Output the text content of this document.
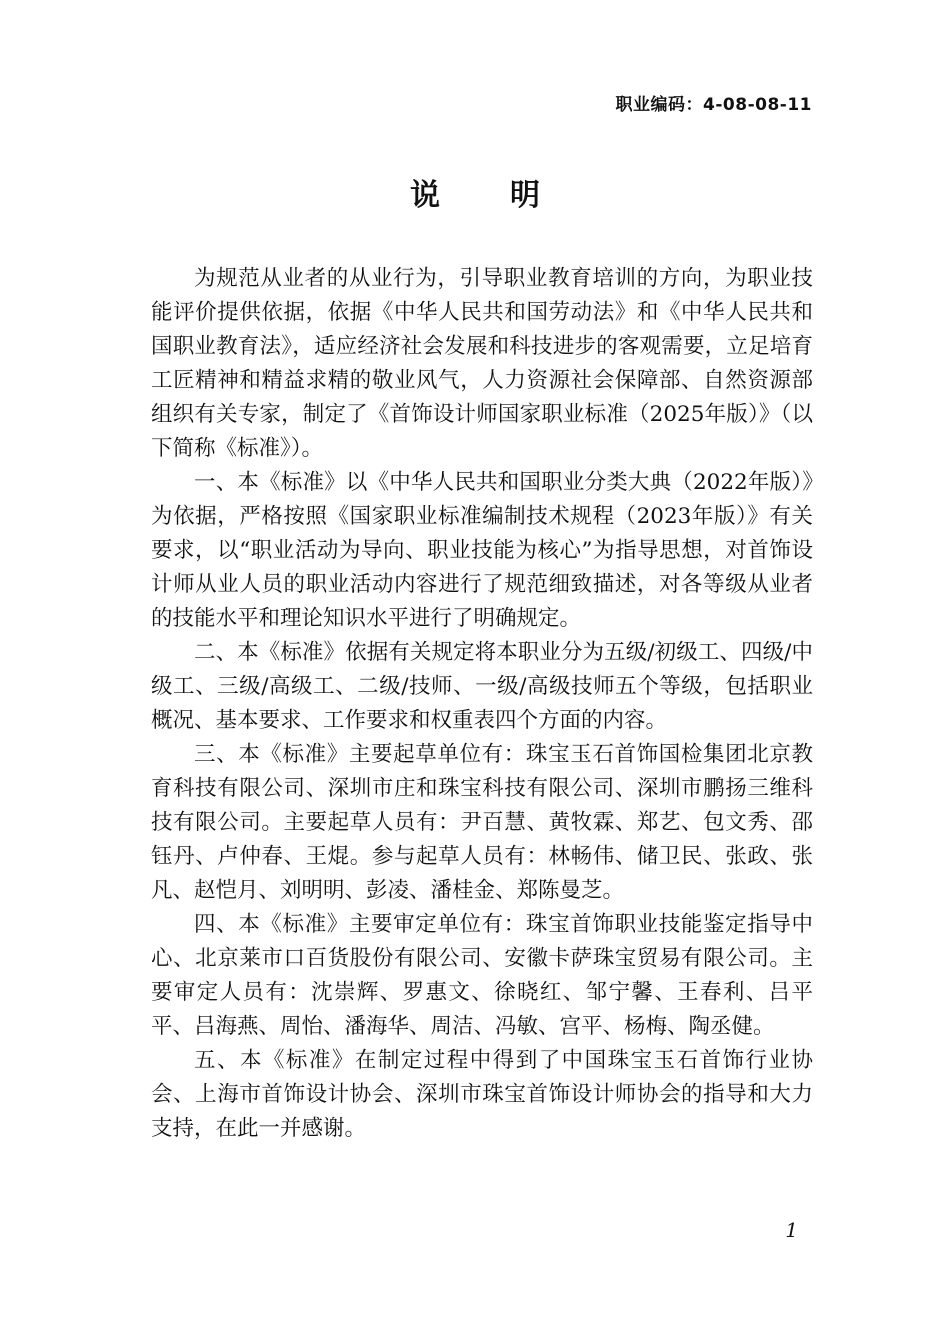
职业编码：4-08-08-11
说 明

为规范从业者的从业行为，引导职业教育培训的方向，为职业技能评价提供依据，依据《中华人民共和国劳动法》和《中华人民共和国职业教育法》，适应经济社会发展和科技进步的客观需要，立足培育工匠精神和精益求精的敬业风气，人力资源社会保障部、自然资源部组织有关专家，制定了《首饰设计师国家职业标准（2025年版）》（以下简称《标准》）。

一、本《标准》以《中华人民共和国职业分类大典（2022年版）》为依据，严格按照《国家职业标准编制技术规程（2023年版）》有关要求，以“职业活动为导向、职业技能为核心”为指导思想，对首饰设计师从业人员的职业活动内容进行了规范细致描述，对各等级从业者的技能水平和理论知识水平进行了明确规定。

二、本《标准》依据有关规定将本职业分为五级/初级工、四级/中级工、三级/高级工、二级/技师、一级/高级技师五个等级，包括职业概况、基本要求、工作要求和权重表四个方面的内容。

三、本《标准》主要起草单位有：珠宝玉石首饰国检集团北京教育科技有限公司、深圳市庄和珠宝科技有限公司、深圳市鹏扬三维科技有限公司。主要起草人员有：尹百慧、黄牧霖、郑艺、包文秀、邵钰丹、卢仲春、王焜。参与起草人员有：林畅伟、储卫民、张政、张凡、赵恺月、刘明明、彭凌、潘桂金、郑陈曼芝。

四、本《标准》主要审定单位有：珠宝首饰职业技能鉴定指导中心、北京莱市口百货股份有限公司、安徽卡萨珠宝贸易有限公司。主要审定人员有：沈崇辉、罗惠文、徐晓红、邹宁馨、王春利、吕平平、吕海燕、周怡、潘海华、周洁、冯敏、宫平、杨梅、陶丞健。

五、本《标准》在制定过程中得到了中国珠宝玉石首饰行业协会、上海市首饰设计协会、深圳市珠宝首饰设计师协会的指导和大力支持，在此一并感谢。

1
